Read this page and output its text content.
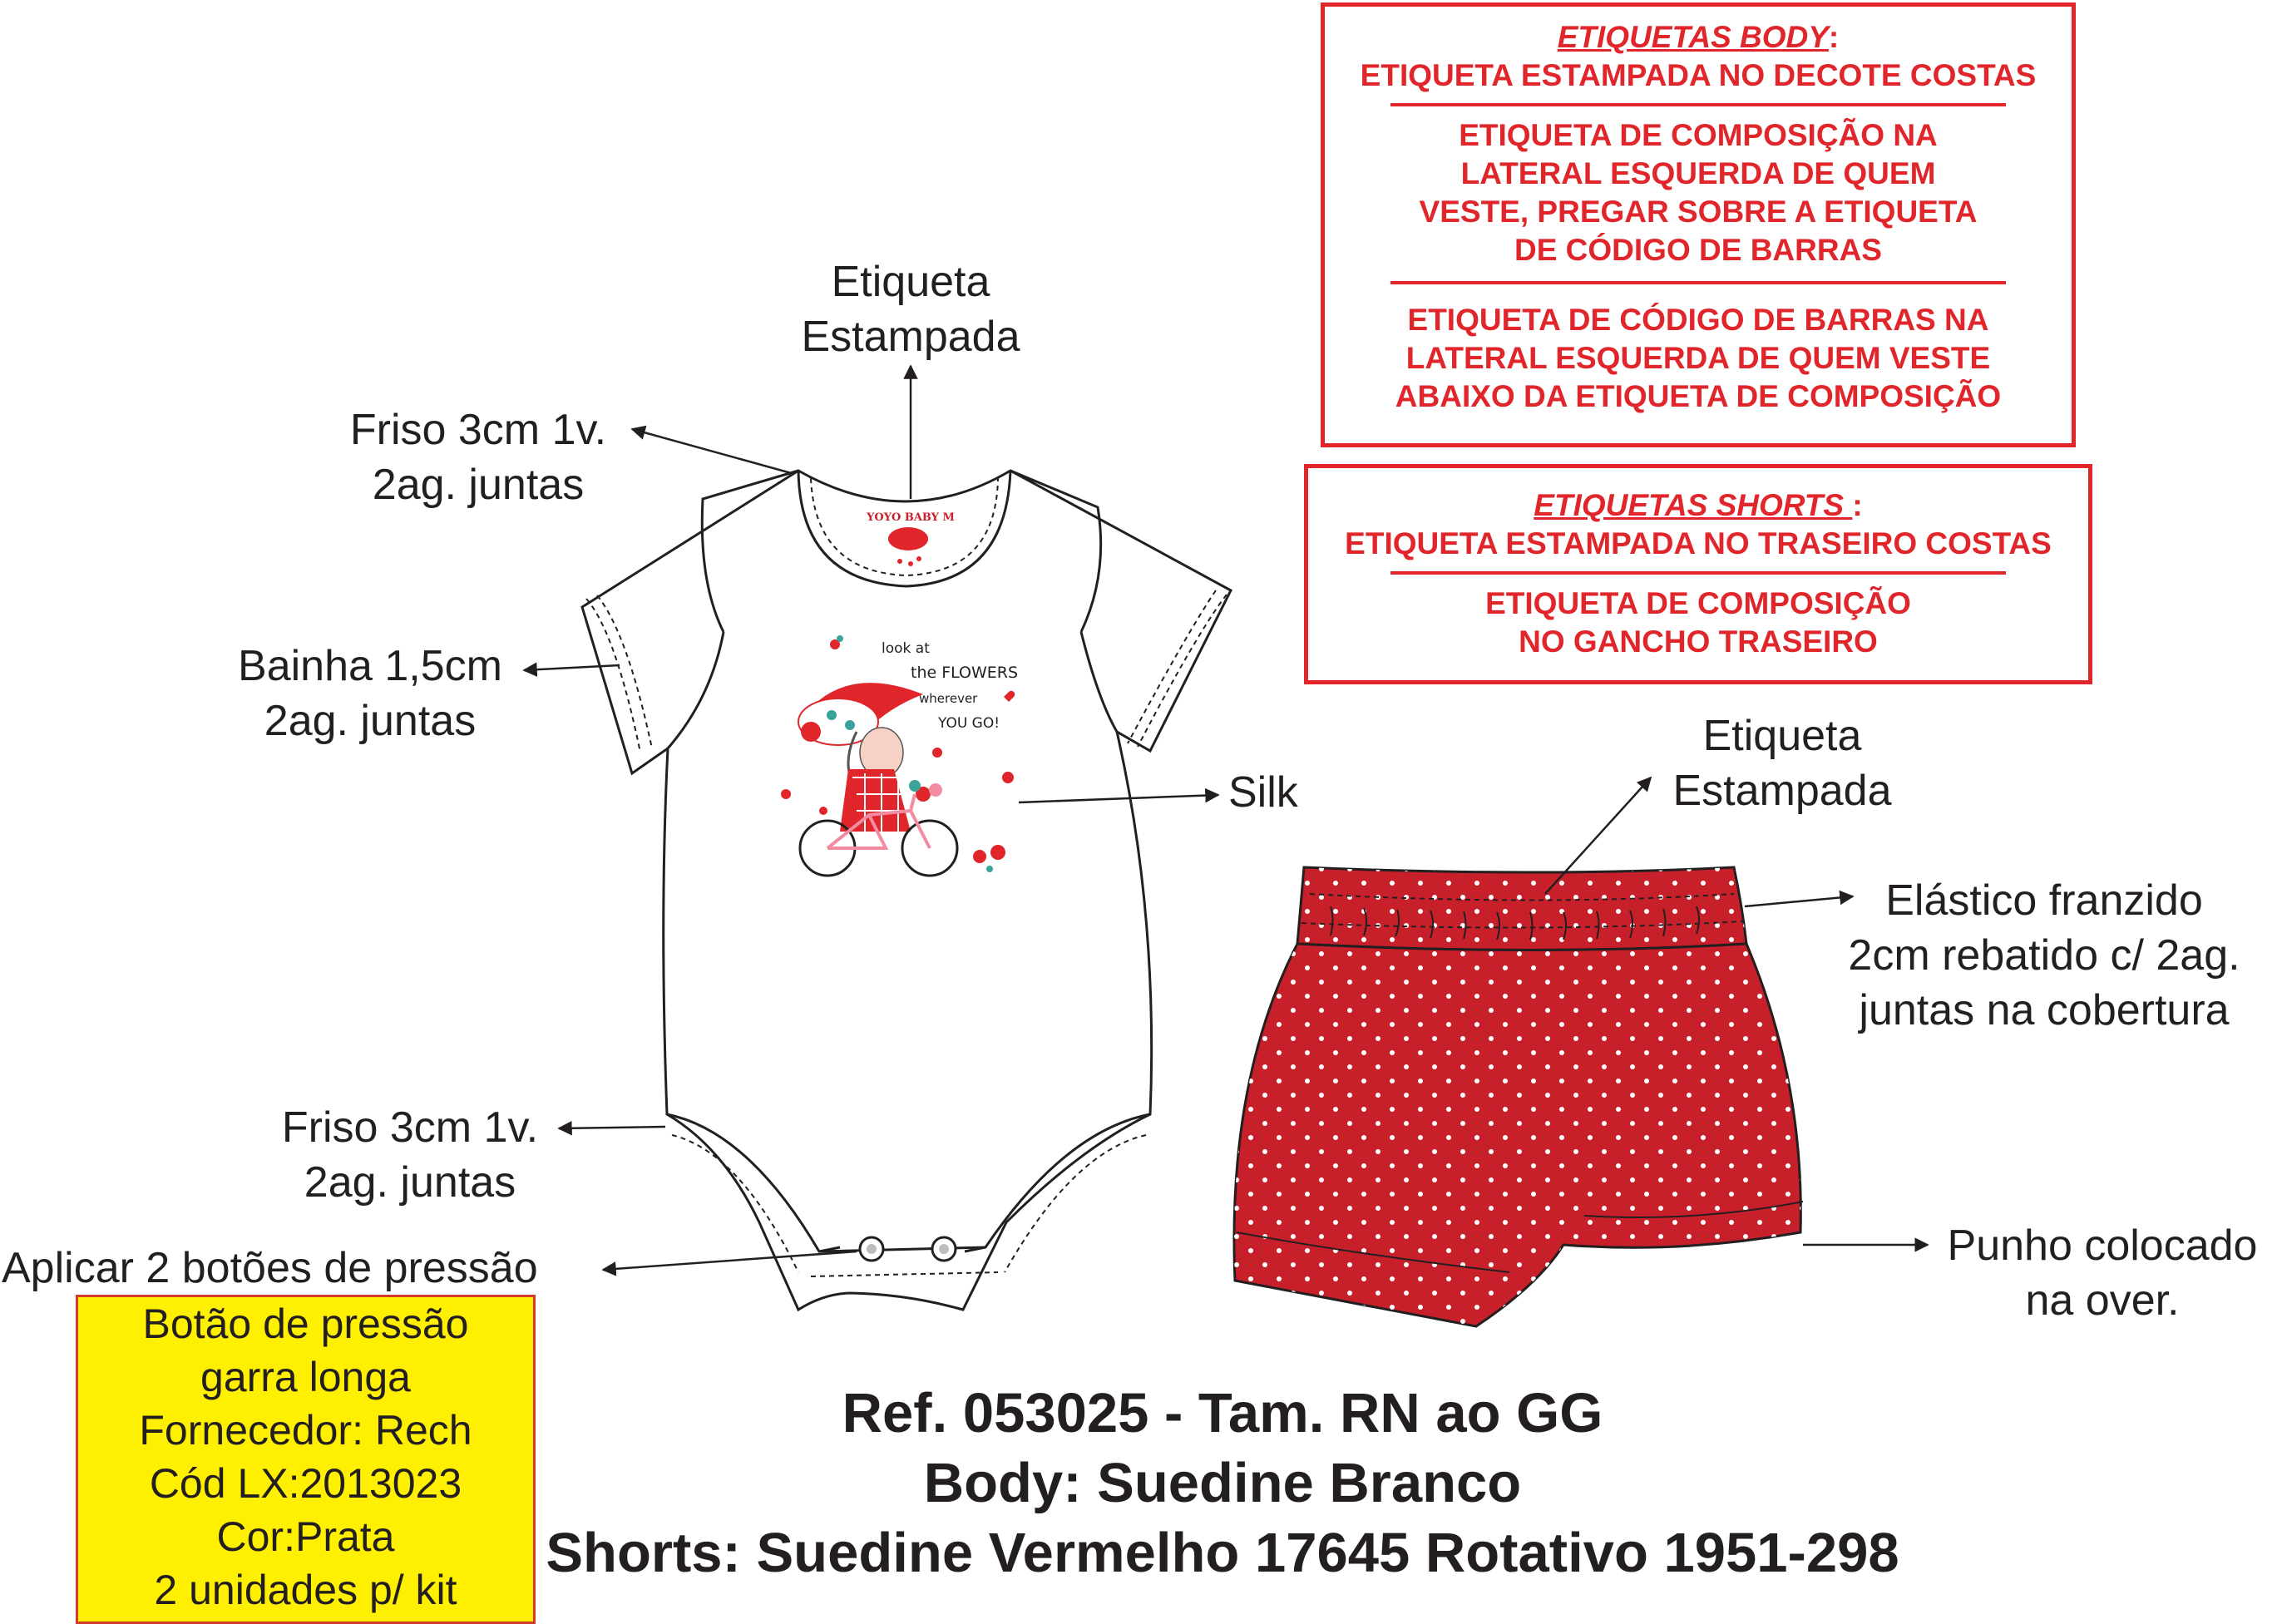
YOYO BABY M
look at
the FLOWERS
wherever
YOU GO!
Etiqueta
Estampada
Friso 3cm 1v.
2ag. juntas
Bainha 1,5cm
2ag. juntas
Silk
Friso 3cm 1v.
2ag. juntas
Aplicar 2 botões de pressão
Etiqueta
Estampada
Elástico franzido
2cm rebatido c/ 2ag.
juntas na cobertura
Punho colocado
na over.

ETIQUETAS BODY:

ETIQUETA ESTAMPADA NO DECOTE COSTAS

ETIQUETA DE COMPOSIÇÃO NA

LATERAL ESQUERDA DE QUEM

VESTE, PREGAR SOBRE A ETIQUETA

DE CÓDIGO DE BARRAS

ETIQUETA DE CÓDIGO DE BARRAS NA

LATERAL ESQUERDA DE QUEM VESTE

ABAIXO DA ETIQUETA DE COMPOSIÇÃO

ETIQUETAS SHORTS :

ETIQUETA ESTAMPADA NO TRASEIRO COSTAS

ETIQUETA DE COMPOSIÇÃO

NO GANCHO TRASEIRO

Botão de pressão
garra longa
Fornecedor: Rech
Cód LX:2013023
Cor:Prata
2 unidades p/ kit
Ref. 053025 - Tam. RN ao GG
Body: Suedine Branco
Shorts: Suedine Vermelho 17645 Rotativo 1951-298
